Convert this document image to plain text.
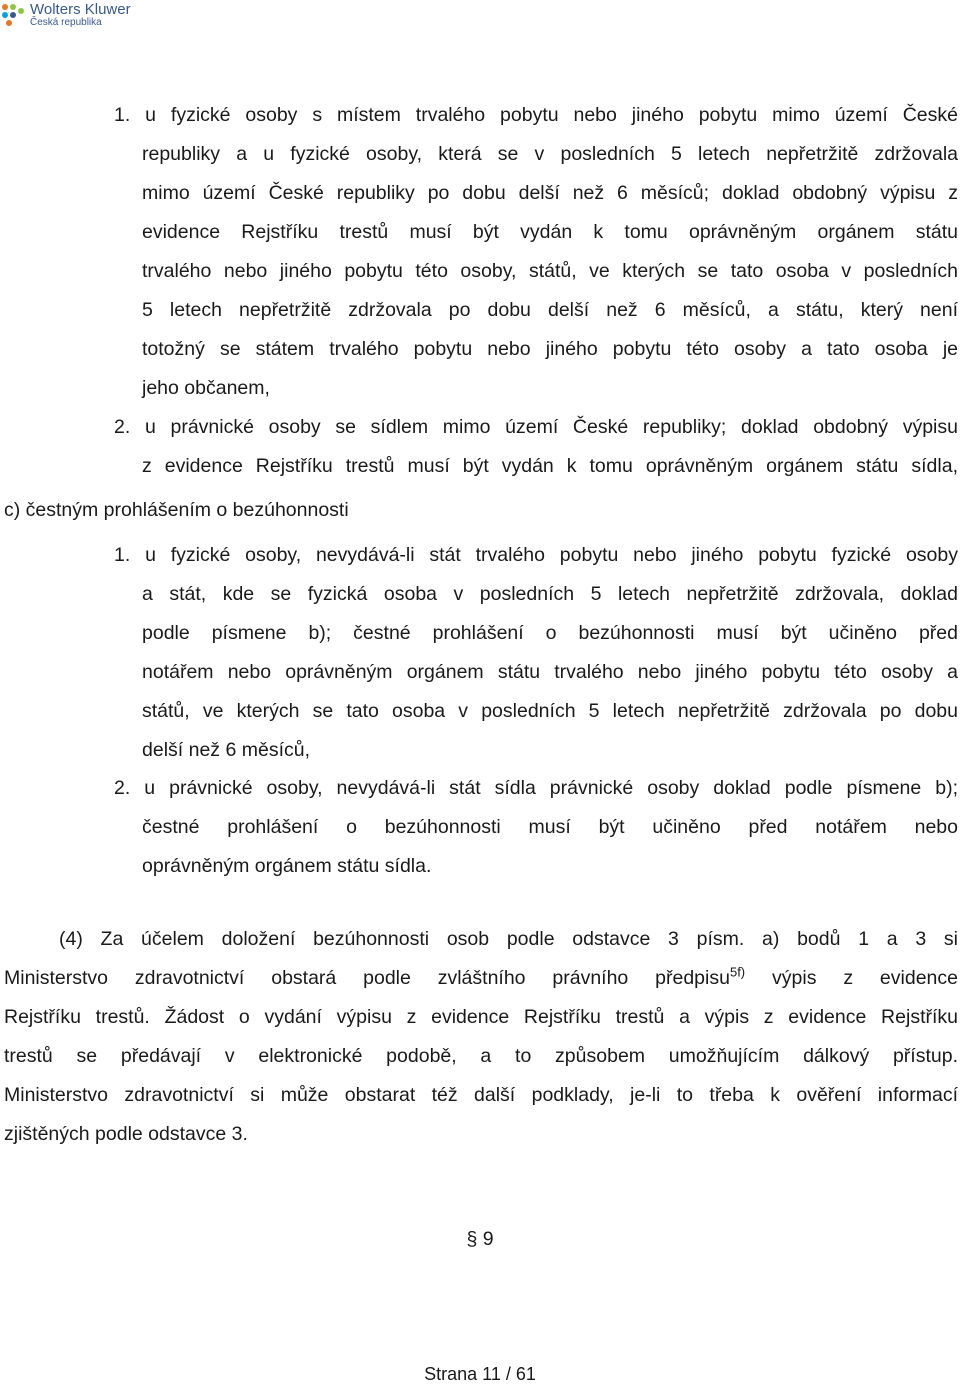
Wolters Kluwer
Česká republika
1. u fyzické osoby s místem trvalého pobytu nebo jiného pobytu mimo území České
republiky a u fyzické osoby, která se v posledních 5 letech nepřetržitě zdržovala
mimo území České republiky po dobu delší než 6 měsíců; doklad obdobný výpisu z
evidence Rejstříku trestů musí být vydán k tomu oprávněným orgánem státu
trvalého nebo jiného pobytu této osoby, států, ve kterých se tato osoba v posledních
5 letech nepřetržitě zdržovala po dobu delší než 6 měsíců, a státu, který není
totožný se státem trvalého pobytu nebo jiného pobytu této osoby a tato osoba je
jeho občanem,
2. u právnické osoby se sídlem mimo území České republiky; doklad obdobný výpisu
z evidence Rejstříku trestů musí být vydán k tomu oprávněným orgánem státu sídla,
c) čestným prohlášením o bezúhonnosti
1. u fyzické osoby, nevydává-li stát trvalého pobytu nebo jiného pobytu fyzické osoby
a stát, kde se fyzická osoba v posledních 5 letech nepřetržitě zdržovala, doklad
podle písmene b); čestné prohlášení o bezúhonnosti musí být učiněno před
notářem nebo oprávněným orgánem státu trvalého nebo jiného pobytu této osoby a
států, ve kterých se tato osoba v posledních 5 letech nepřetržitě zdržovala po dobu
delší než 6 měsíců,
2. u právnické osoby, nevydává-li stát sídla právnické osoby doklad podle písmene b);
čestné prohlášení o bezúhonnosti musí být učiněno před notářem nebo
oprávněným orgánem státu sídla.
(4) Za účelem doložení bezúhonnosti osob podle odstavce 3 písm. a) bodů 1 a 3 si
Rejstříku trestů. Žádost o vydání výpisu z evidence Rejstříku trestů a výpis z evidence Rejstříku
trestů se předávají v elektronické podobě, a to způsobem umožňujícím dálkový přístup.
Ministerstvo zdravotnictví si může obstarat též další podklady, je-li to třeba k ověření informací
zjištěných podle odstavce 3.
Ministerstvo zdravotnictví obstará podle zvláštního právního předpisu$^{5f)}$ výpis z evidence
§ 9
Strana 11 / 61
